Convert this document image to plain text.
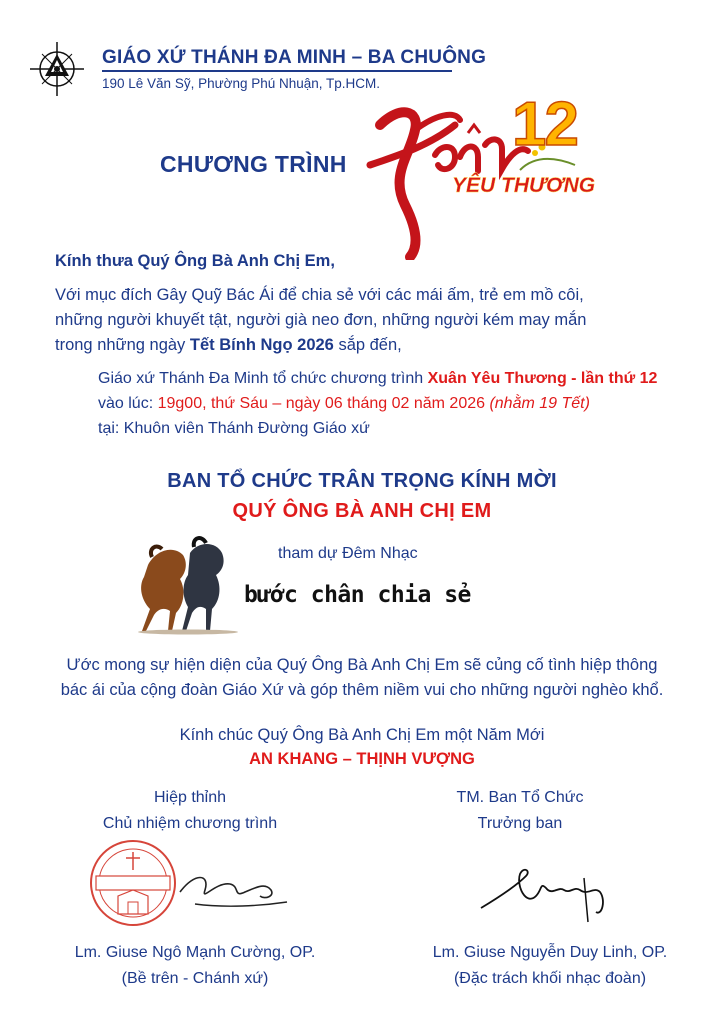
GIÁO XỨ THÁNH ĐA MINH – BA CHUÔNG
190 Lê Văn Sỹ, Phường Phú Nhuận, Tp.HCM.
CHƯƠNG TRÌNH
12
YÊU THƯƠNG
Kính thưa Quý Ông Bà Anh Chị Em,
Với mục đích Gây Quỹ Bác Ái để chia sẻ với các mái ấm, trẻ em mồ côi,
những người khuyết tật, người già neo đơn, những người kém may mắn
trong những ngày Tết Bính Ngọ 2026 sắp đến,
Giáo xứ Thánh Đa Minh tổ chức chương trình Xuân Yêu Thương - lần thứ 12
vào lúc: 19g00, thứ Sáu – ngày 06 tháng 02 năm 2026 (nhằm 19 Tết)
tại: Khuôn viên Thánh Đường Giáo xứ
BAN TỔ CHỨC TRÂN TRỌNG KÍNH MỜI
QUÝ ÔNG BÀ ANH CHỊ EM
tham dự Đêm Nhạc
bước chân chia sẻ
Ước mong sự hiện diện của Quý Ông Bà Anh Chị Em sẽ củng cố tình hiệp thông
bác ái của cộng đoàn Giáo Xứ và góp thêm niềm vui cho những người nghèo khổ.
Kính chúc Quý Ông Bà Anh Chị Em một Năm Mới
AN KHANG – THỊNH VƯỢNG
Hiệp thỉnh
Chủ nhiệm chương trình
TM. Ban Tổ Chức
Trưởng ban
Lm. Giuse Ngô Mạnh Cường, OP.
(Bề trên - Chánh xứ)
Lm. Giuse Nguyễn Duy Linh, OP.
(Đặc trách khối nhạc đoàn)
